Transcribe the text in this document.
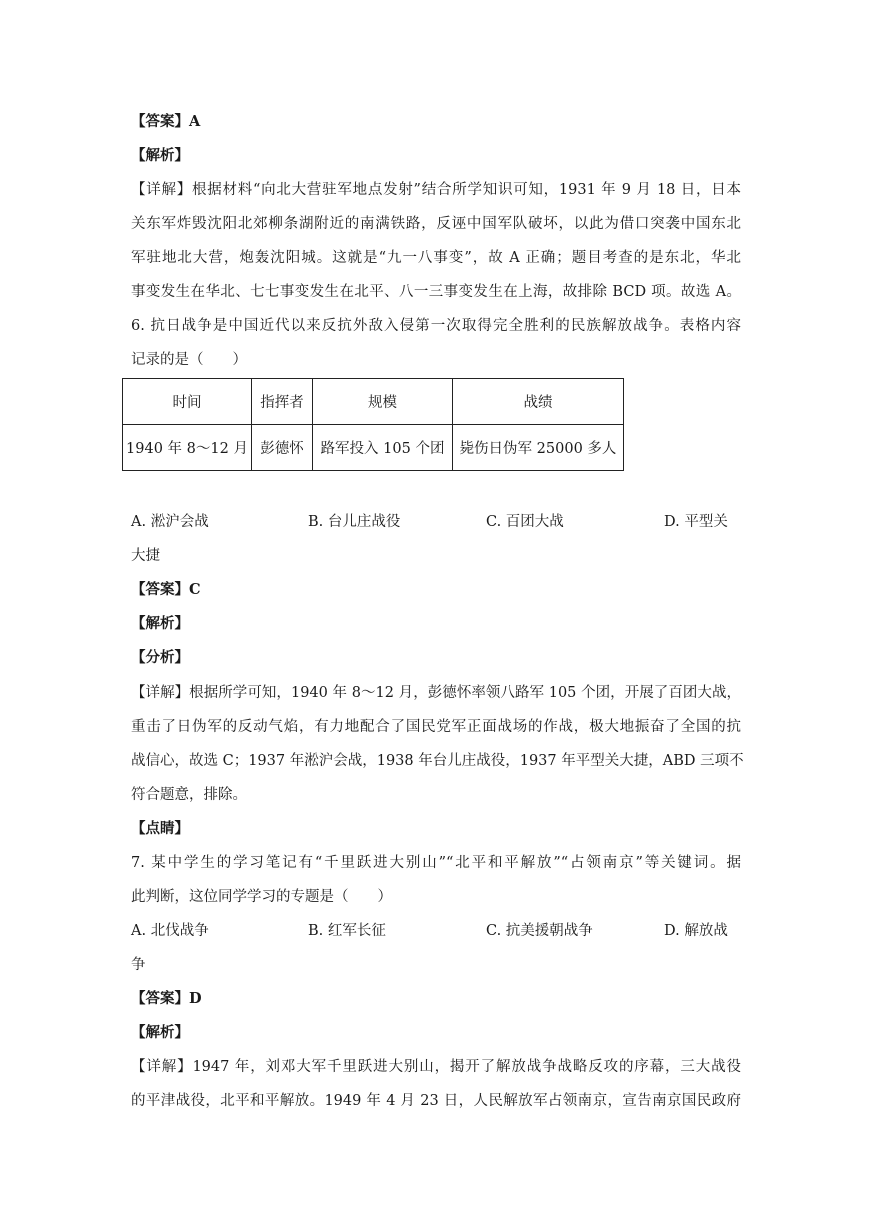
【答案】A
【解析】
【详解】根据材料“向北大营驻军地点发射”结合所学知识可知，1931 年 9 月 18 日，日本
关东军炸毁沈阳北郊柳条湖附近的南满铁路，反诬中国军队破坏，以此为借口突袭中国东北
军驻地北大营，炮轰沈阳城。这就是“九一八事变”，故 A 正确；题目考查的是东北，华北
事变发生在华北、七七事变发生在北平、八一三事变发生在上海，故排除 BCD 项。故选 A。
6. 抗日战争是中国近代以来反抗外敌入侵第一次取得完全胜利的民族解放战争。表格内容
记录的是（　　）
时间	指挥者	规模	战绩
1940 年 8～12 月	彭德怀	路军投入 105 个团	毙伤日伪军 25000 多人
A. 淞沪会战	B. 台儿庄战役	C. 百团大战	D. 平型关
大捷
【答案】C
【解析】
【分析】
【详解】根据所学可知，1940 年 8～12 月，彭德怀率领八路军 105 个团，开展了百团大战，
重击了日伪军的反动气焰，有力地配合了国民党军正面战场的作战，极大地振奋了全国的抗
战信心，故选 C；1937 年淞沪会战，1938 年台儿庄战役，1937 年平型关大捷，ABD 三项不
符合题意，排除。
【点睛】
7. 某中学生的学习笔记有“千里跃进大别山”“北平和平解放”“占领南京”等关键词。据
此判断，这位同学学习的专题是（　　）
A. 北伐战争	B. 红军长征	C. 抗美援朝战争	D. 解放战
争
【答案】D
【解析】
【详解】1947 年，刘邓大军千里跃进大别山，揭开了解放战争战略反攻的序幕，三大战役
的平津战役，北平和平解放。1949 年 4 月 23 日，人民解放军占领南京，宣告南京国民政府
